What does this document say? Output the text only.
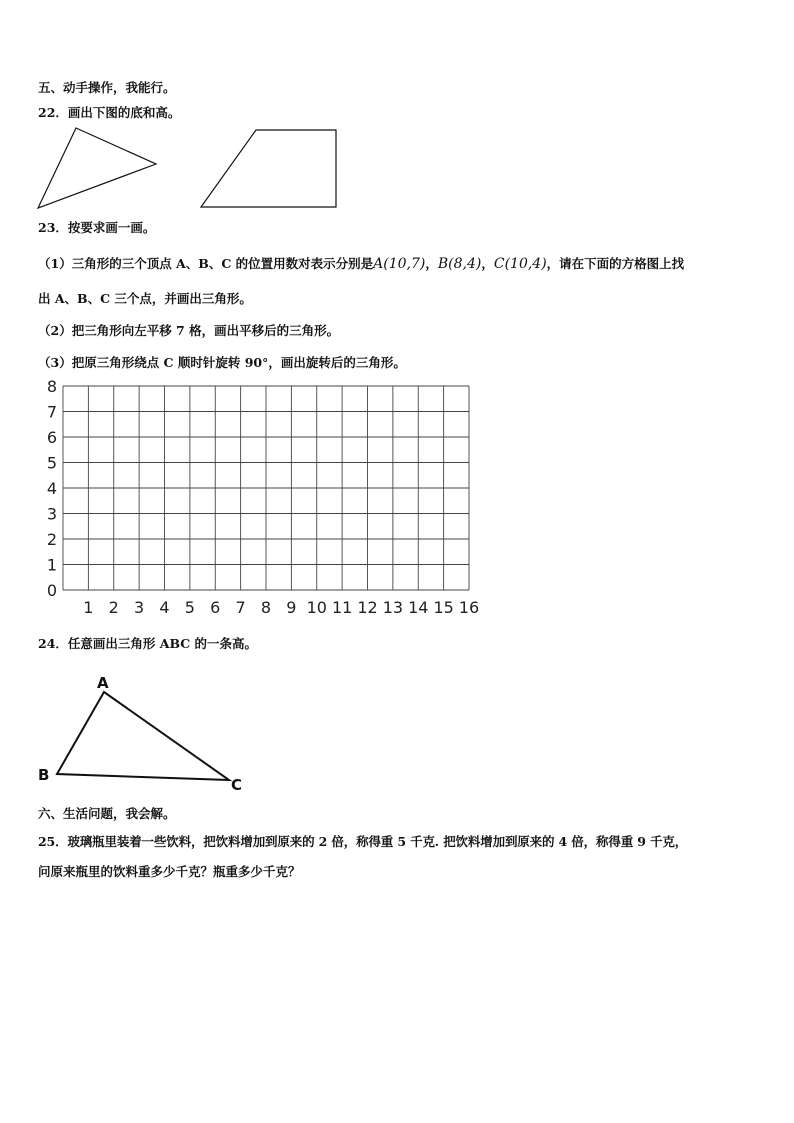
五、动手操作，我能行。
22．画出下图的底和高。
23．按要求画一画。
（1）三角形的三个顶点 A、B、C 的位置用数对表示分别是A(10,7)，B(8,4)，C(10,4)，请在下面的方格图上找
出 A、B、C 三个点，并画出三角形。
（2）把三角形向左平移 7 格，画出平移后的三角形。
（3）把原三角形绕点 C 顺时针旋转 90°，画出旋转后的三角形。
1 2 3 4 5 6 7 8 9 10 11 12 13 14 15 16
0
1
2
3
4
5
6
7
8
24．任意画出三角形 ABC 的一条高。
A
B
C
六、生活问题，我会解。
25．玻璃瓶里装着一些饮料，把饮料增加到原来的 2 倍，称得重 5 千克. 把饮料增加到原来的 4 倍，称得重 9 千克，
问原来瓶里的饮料重多少千克？瓶重多少千克？
